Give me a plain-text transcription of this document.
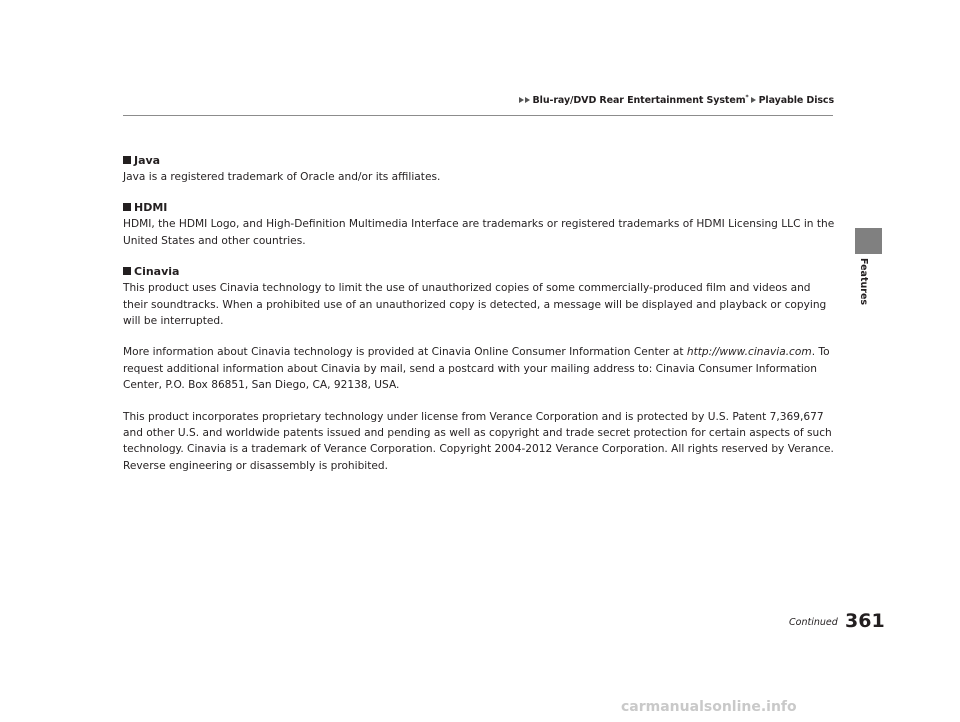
Blu-ray/DVD Rear Entertainment System* Playable Discs
Features
Java

Java is a registered trademark of Oracle and/or its affiliates.

HDMI

HDMI, the HDMI Logo, and High-Definition Multimedia Interface are trademarks or registered trademarks of HDMI Licensing LLC in the United States and other countries.

Cinavia

This product uses Cinavia technology to limit the use of unauthorized copies of some commercially-produced film and videos and their soundtracks. When a prohibited use of an unauthorized copy is detected, a message will be displayed and playback or copying will be interrupted.

More information about Cinavia technology is provided at Cinavia Online Consumer Information Center at http://www.cinavia.com. To request additional information about Cinavia by mail, send a postcard with your mailing address to: Cinavia Consumer Information Center, P.O. Box 86851, San Diego, CA, 92138, USA.

This product incorporates proprietary technology under license from Verance Corporation and is protected by U.S. Patent 7,369,677 and other U.S. and worldwide patents issued and pending as well as copyright and trade secret protection for certain aspects of such technology. Cinavia is a trademark of Verance Corporation. Copyright 2004-2012 Verance Corporation. All rights reserved by Verance. Reverse engineering or disassembly is prohibited.

Continued 361
carmanualsonline.info
